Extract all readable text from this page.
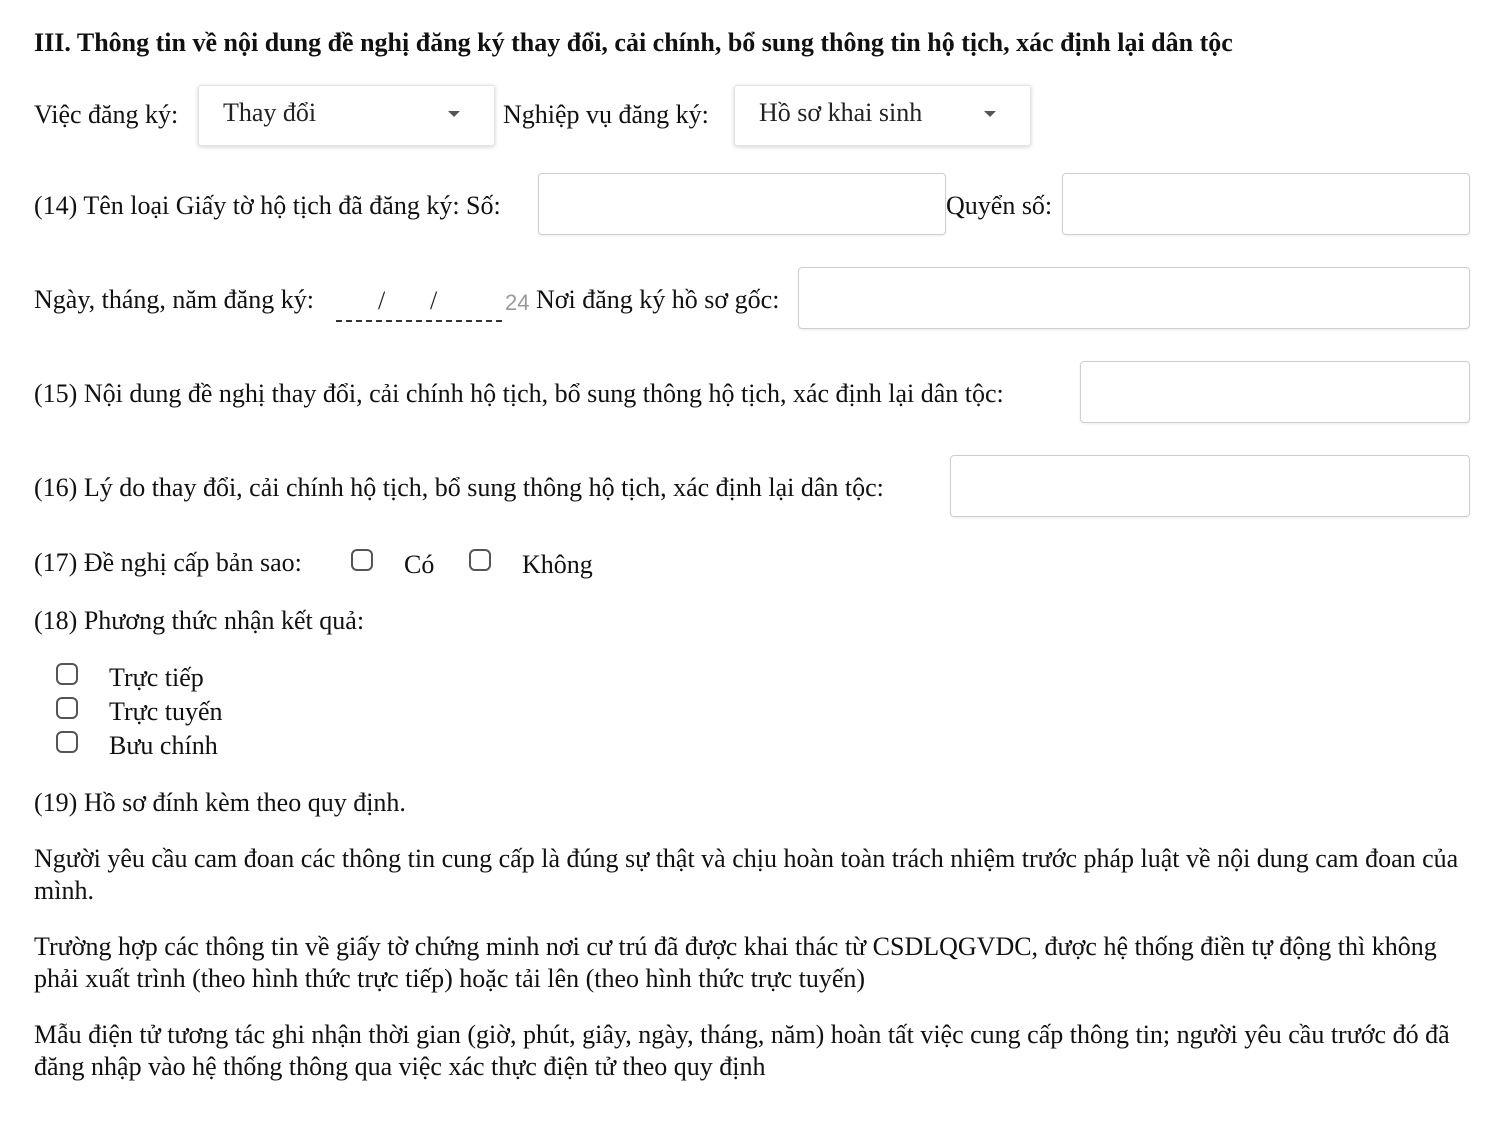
III. Thông tin về nội dung đề nghị đăng ký thay đổi, cải chính, bổ sung thông tin hộ tịch, xác định lại dân tộc
Việc đăng ký: Thay đổi	Nghiệp vụ đăng ký: Hồ sơ khai sinh
(14) Tên loại Giấy tờ hộ tịch đã đăng ký: Số:	Quyển số:
Ngày, tháng, năm đăng ký: / /	24 Nơi đăng ký hồ sơ gốc:
(15) Nội dung đề nghị thay đổi, cải chính hộ tịch, bổ sung thông hộ tịch, xác định lại dân tộc:
(16) Lý do thay đổi, cải chính hộ tịch, bổ sung thông hộ tịch, xác định lại dân tộc:
(17) Đề nghị cấp bản sao:	Có	Không
(18) Phương thức nhận kết quả:
Trực tiếp
Trực tuyến
Bưu chính
(19) Hồ sơ đính kèm theo quy định.
Người yêu cầu cam đoan các thông tin cung cấp là đúng sự thật và chịu hoàn toàn trách nhiệm trước pháp luật về nội dung cam đoan của mình.
Trường hợp các thông tin về giấy tờ chứng minh nơi cư trú đã được khai thác từ CSDLQGVDC, được hệ thống điền tự động thì không phải xuất trình (theo hình thức trực tiếp) hoặc tải lên (theo hình thức trực tuyến)
Mẫu điện tử tương tác ghi nhận thời gian (giờ, phút, giây, ngày, tháng, năm) hoàn tất việc cung cấp thông tin; người yêu cầu trước đó đã đăng nhập vào hệ thống thông qua việc xác thực điện tử theo quy định
